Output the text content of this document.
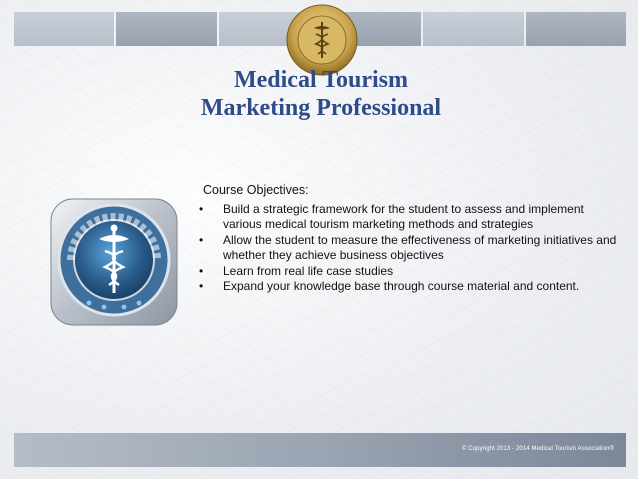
Medical Tourism
Marketing Professional
Course Objectives:
• Build a strategic framework for the student to assess and implement various medical tourism marketing methods and strategies
• Allow the student to measure the effectiveness of marketing initiatives and whether they achieve business objectives
• Learn from real life case studies
• Expand your knowledge base through course material and content.
© Copyright 2013 - 2014 Medical Tourism Association®
